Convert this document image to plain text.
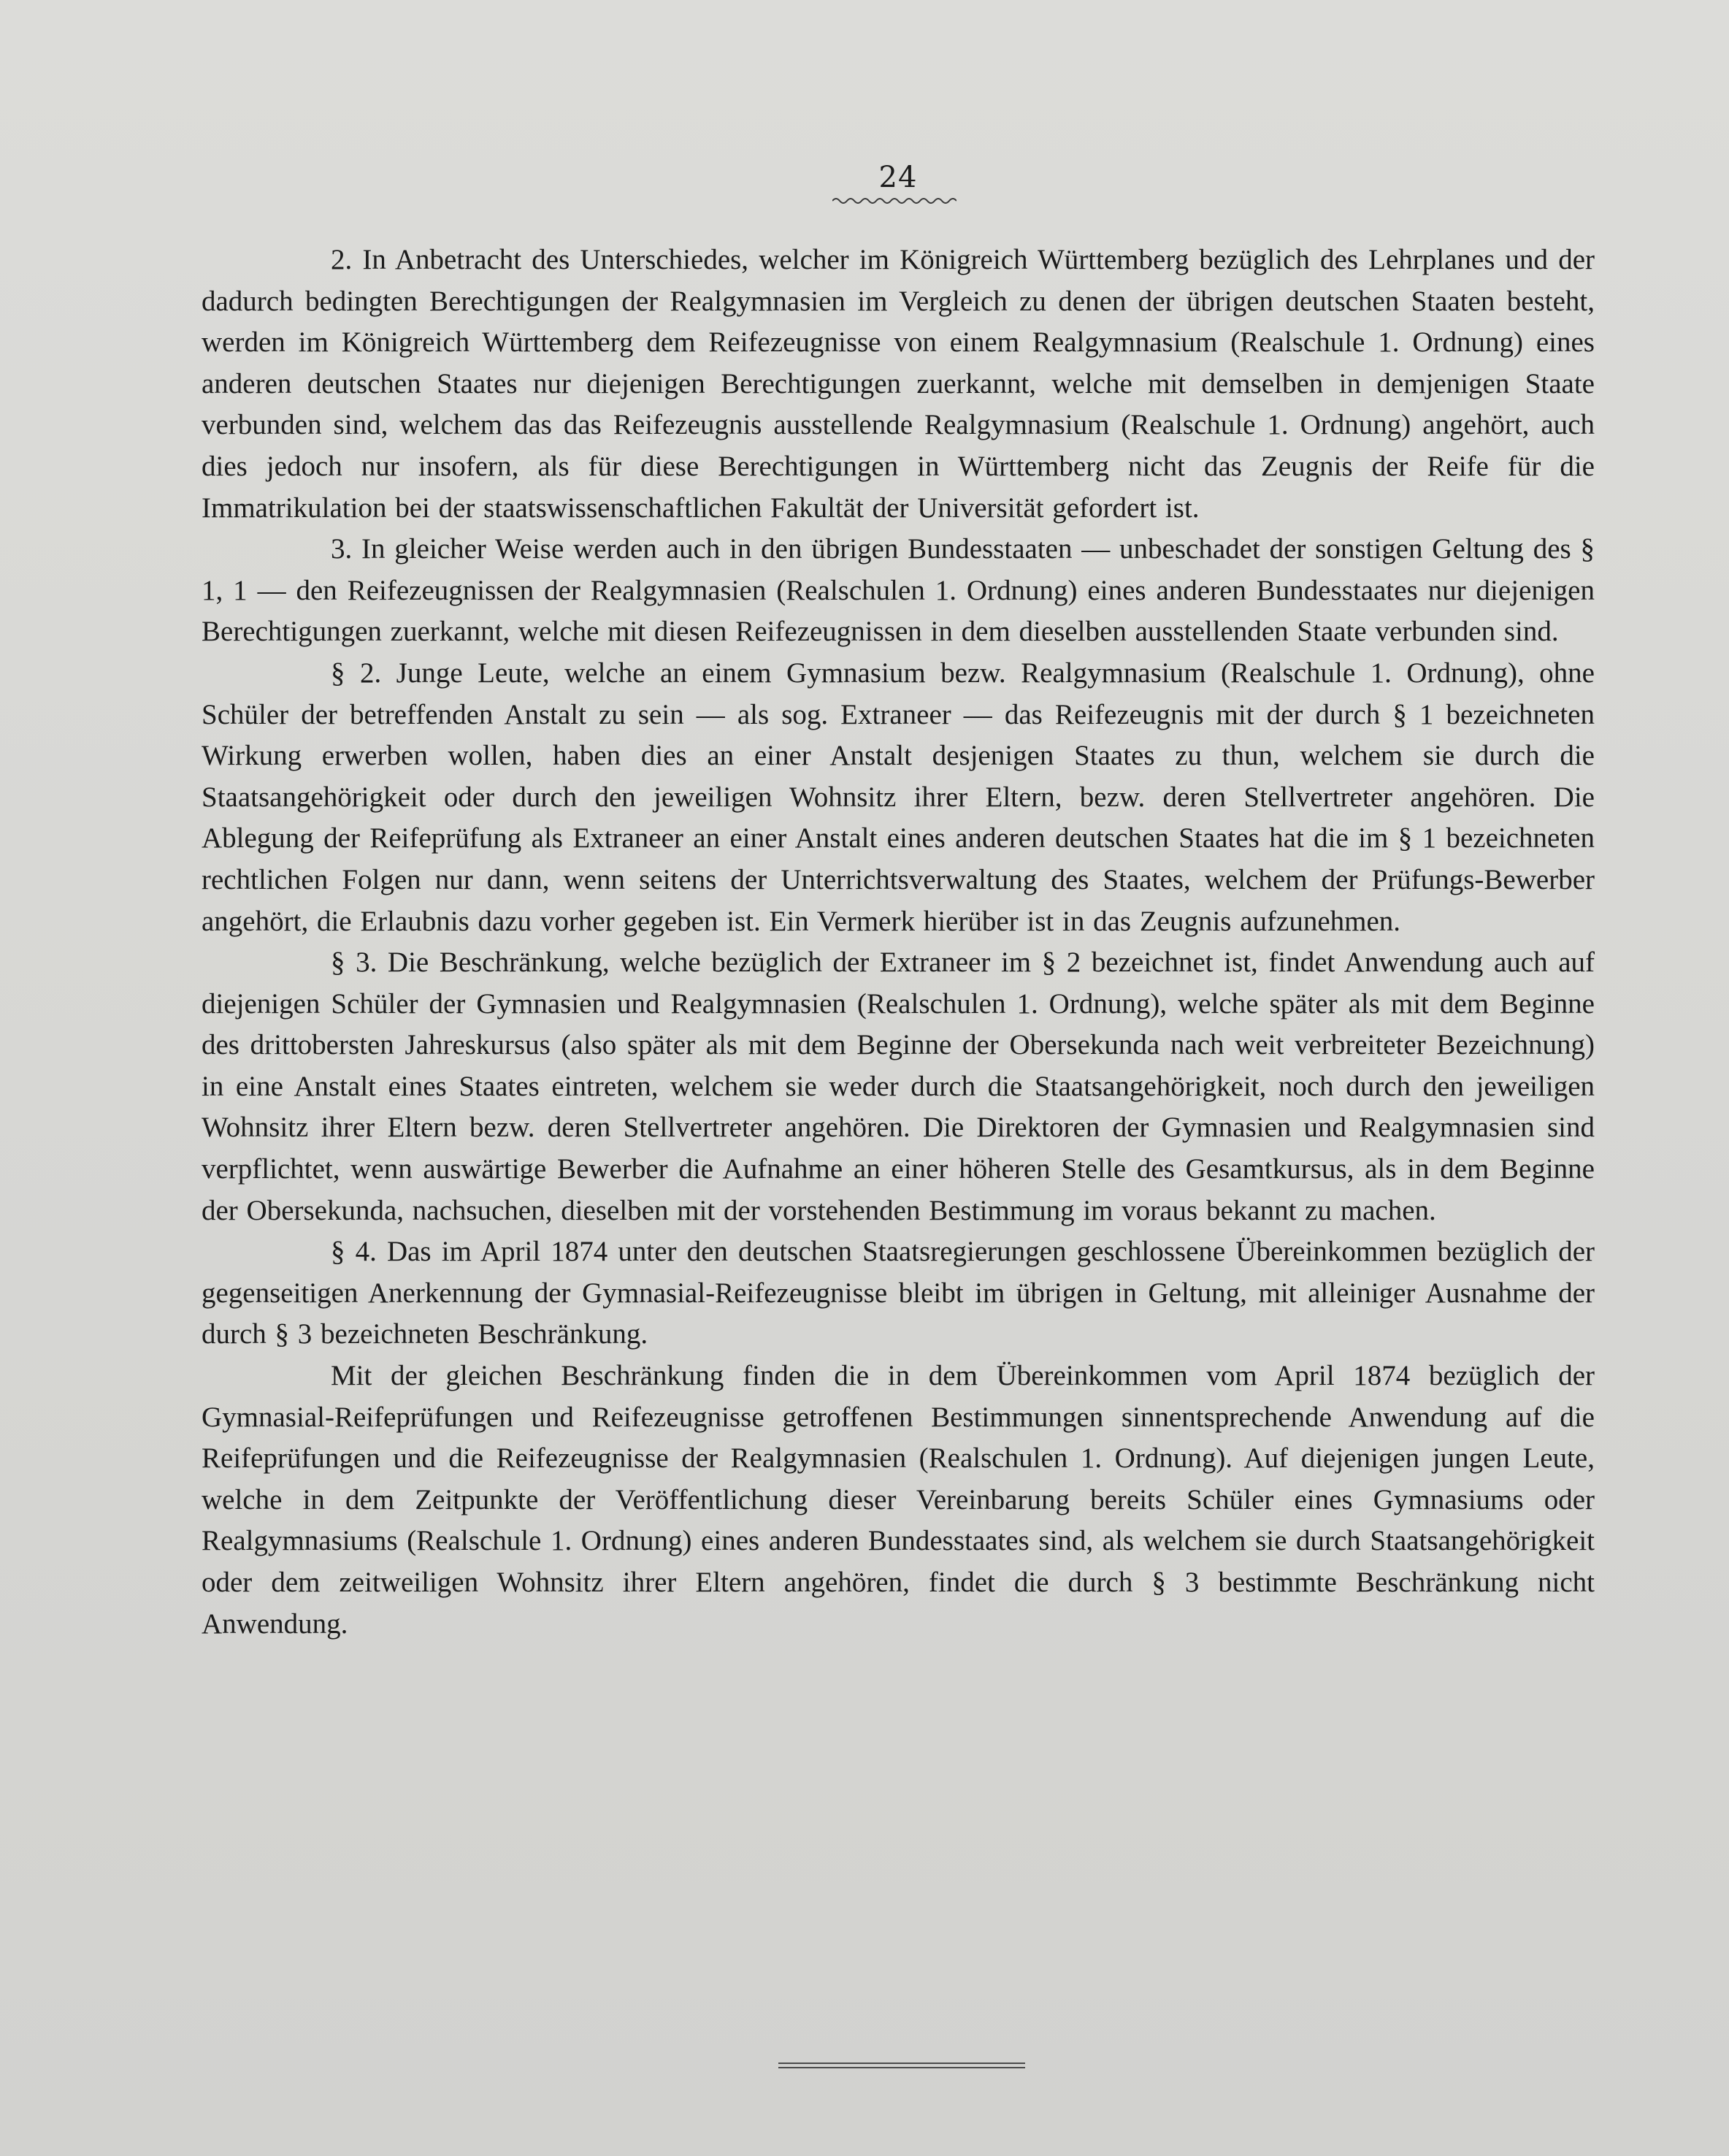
24

2. In Anbetracht des Unterschiedes, welcher im Königreich Württemberg bezüglich des Lehrplanes und der dadurch bedingten Berechtigungen der Realgymnasien im Vergleich zu denen der übrigen deutschen Staaten besteht, werden im Königreich Württemberg dem Reifezeugnisse von einem Realgymnasium (Realschule 1. Ordnung) eines anderen deutschen Staates nur diejenigen Berechtigungen zuerkannt, welche mit demselben in demjenigen Staate verbunden sind, welchem das das Reifezeugnis ausstellende Realgymnasium (Realschule 1. Ordnung) angehört, auch dies jedoch nur insofern, als für diese Berechtigungen in Württemberg nicht das Zeugnis der Reife für die Immatrikulation bei der staatswissenschaftlichen Fakultät der Universität gefordert ist.

3. In gleicher Weise werden auch in den übrigen Bundesstaaten — unbeschadet der sonstigen Geltung des § 1, 1 — den Reifezeugnissen der Realgymnasien (Realschulen 1. Ordnung) eines anderen Bundesstaates nur diejenigen Berechtigungen zuerkannt, welche mit diesen Reifezeugnissen in dem dieselben ausstellenden Staate verbunden sind.

§ 2. Junge Leute, welche an einem Gymnasium bezw. Realgymnasium (Realschule 1. Ordnung), ohne Schüler der betreffenden Anstalt zu sein — als sog. Extraneer — das Reifezeugnis mit der durch § 1 bezeichneten Wirkung erwerben wollen, haben dies an einer Anstalt desjenigen Staates zu thun, welchem sie durch die Staatsangehörigkeit oder durch den jeweiligen Wohnsitz ihrer Eltern, bezw. deren Stellvertreter angehören. Die Ablegung der Reifeprüfung als Extraneer an einer Anstalt eines anderen deutschen Staates hat die im § 1 bezeichneten rechtlichen Folgen nur dann, wenn seitens der Unterrichtsverwaltung des Staates, welchem der Prüfungs-Bewerber angehört, die Erlaubnis dazu vorher gegeben ist. Ein Vermerk hierüber ist in das Zeugnis aufzunehmen.

§ 3. Die Beschränkung, welche bezüglich der Extraneer im § 2 bezeichnet ist, findet Anwendung auch auf diejenigen Schüler der Gymnasien und Realgymnasien (Realschulen 1. Ordnung), welche später als mit dem Beginne des drittobersten Jahreskursus (also später als mit dem Beginne der Obersekunda nach weit verbreiteter Bezeichnung) in eine Anstalt eines Staates eintreten, welchem sie weder durch die Staatsangehörigkeit, noch durch den jeweiligen Wohnsitz ihrer Eltern bezw. deren Stellvertreter angehören. Die Direktoren der Gymnasien und Realgymnasien sind verpflichtet, wenn auswärtige Bewerber die Aufnahme an einer höheren Stelle des Gesamtkursus, als in dem Beginne der Obersekunda, nachsuchen, dieselben mit der vorstehenden Bestimmung im voraus bekannt zu machen.

§ 4. Das im April 1874 unter den deutschen Staatsregierungen geschlossene Übereinkommen bezüglich der gegenseitigen Anerkennung der Gymnasial-Reifezeugnisse bleibt im übrigen in Geltung, mit alleiniger Ausnahme der durch § 3 bezeichneten Beschränkung.

Mit der gleichen Beschränkung finden die in dem Übereinkommen vom April 1874 bezüglich der Gymnasial-Reifeprüfungen und Reifezeugnisse getroffenen Bestimmungen sinnentsprechende Anwendung auf die Reifeprüfungen und die Reifezeugnisse der Realgymnasien (Realschulen 1. Ordnung). Auf diejenigen jungen Leute, welche in dem Zeitpunkte der Veröffentlichung dieser Vereinbarung bereits Schüler eines Gymnasiums oder Realgymnasiums (Realschule 1. Ordnung) eines anderen Bundesstaates sind, als welchem sie durch Staatsangehörigkeit oder dem zeitweiligen Wohnsitz ihrer Eltern angehören, findet die durch § 3 bestimmte Beschränkung nicht Anwendung.
